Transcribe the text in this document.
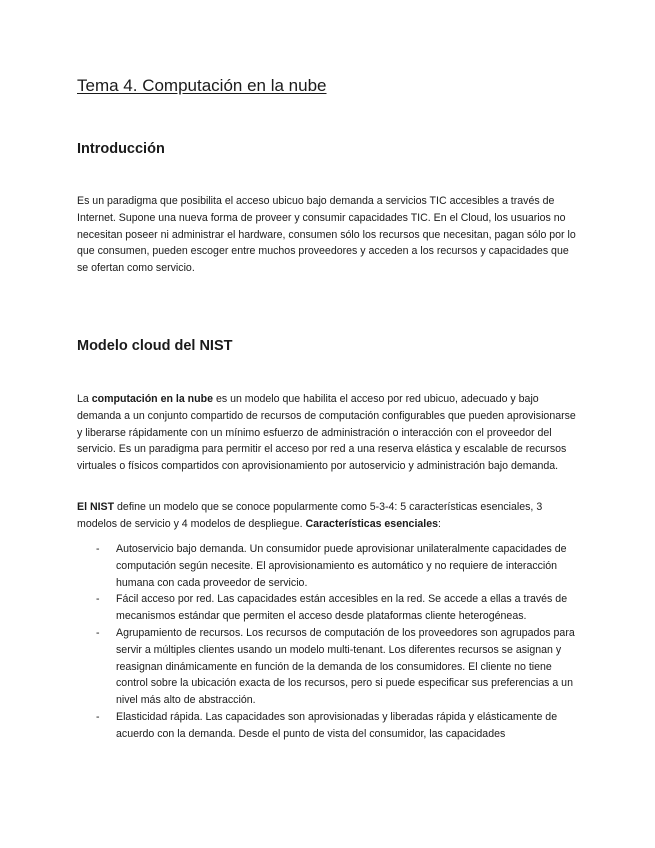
Tema 4. Computación en la nube
Introducción

Es un paradigma que posibilita el acceso ubicuo bajo demanda a servicios TIC accesibles a través de Internet. Supone una nueva forma de proveer y consumir capacidades TIC. En el Cloud, los usuarios no necesitan poseer ni administrar el hardware, consumen sólo los recursos que necesitan, pagan sólo por lo que consumen, pueden escoger entre muchos proveedores y acceden a los recursos y capacidades que se ofertan como servicio.

Modelo cloud del NIST

La computación en la nube es un modelo que habilita el acceso por red ubicuo, adecuado y bajo demanda a un conjunto compartido de recursos de computación configurables que pueden aprovisionarse y liberarse rápidamente con un mínimo esfuerzo de administración o interacción con el proveedor del servicio. Es un paradigma para permitir el acceso por red a una reserva elástica y escalable de recursos virtuales o físicos compartidos con aprovisionamiento por autoservicio y administración bajo demanda.

El NIST define un modelo que se conoce popularmente como 5-3-4: 5 características esenciales, 3 modelos de servicio y 4 modelos de despliegue. Características esenciales:

- Autoservicio bajo demanda. Un consumidor puede aprovisionar unilateralmente capacidades de computación según necesite. El aprovisionamiento es automático y no requiere de interacción humana con cada proveedor de servicio.
- Fácil acceso por red. Las capacidades están accesibles en la red. Se accede a ellas a través de mecanismos estándar que permiten el acceso desde plataformas cliente heterogéneas.
- Agrupamiento de recursos. Los recursos de computación de los proveedores son agrupados para servir a múltiples clientes usando un modelo multi-tenant. Los diferentes recursos se asignan y reasignan dinámicamente en función de la demanda de los consumidores. El cliente no tiene control sobre la ubicación exacta de los recursos, pero si puede especificar sus preferencias a un nivel más alto de abstracción.
- Elasticidad rápida. Las capacidades son aprovisionadas y liberadas rápida y elásticamente de acuerdo con la demanda. Desde el punto de vista del consumidor, las capacidades
